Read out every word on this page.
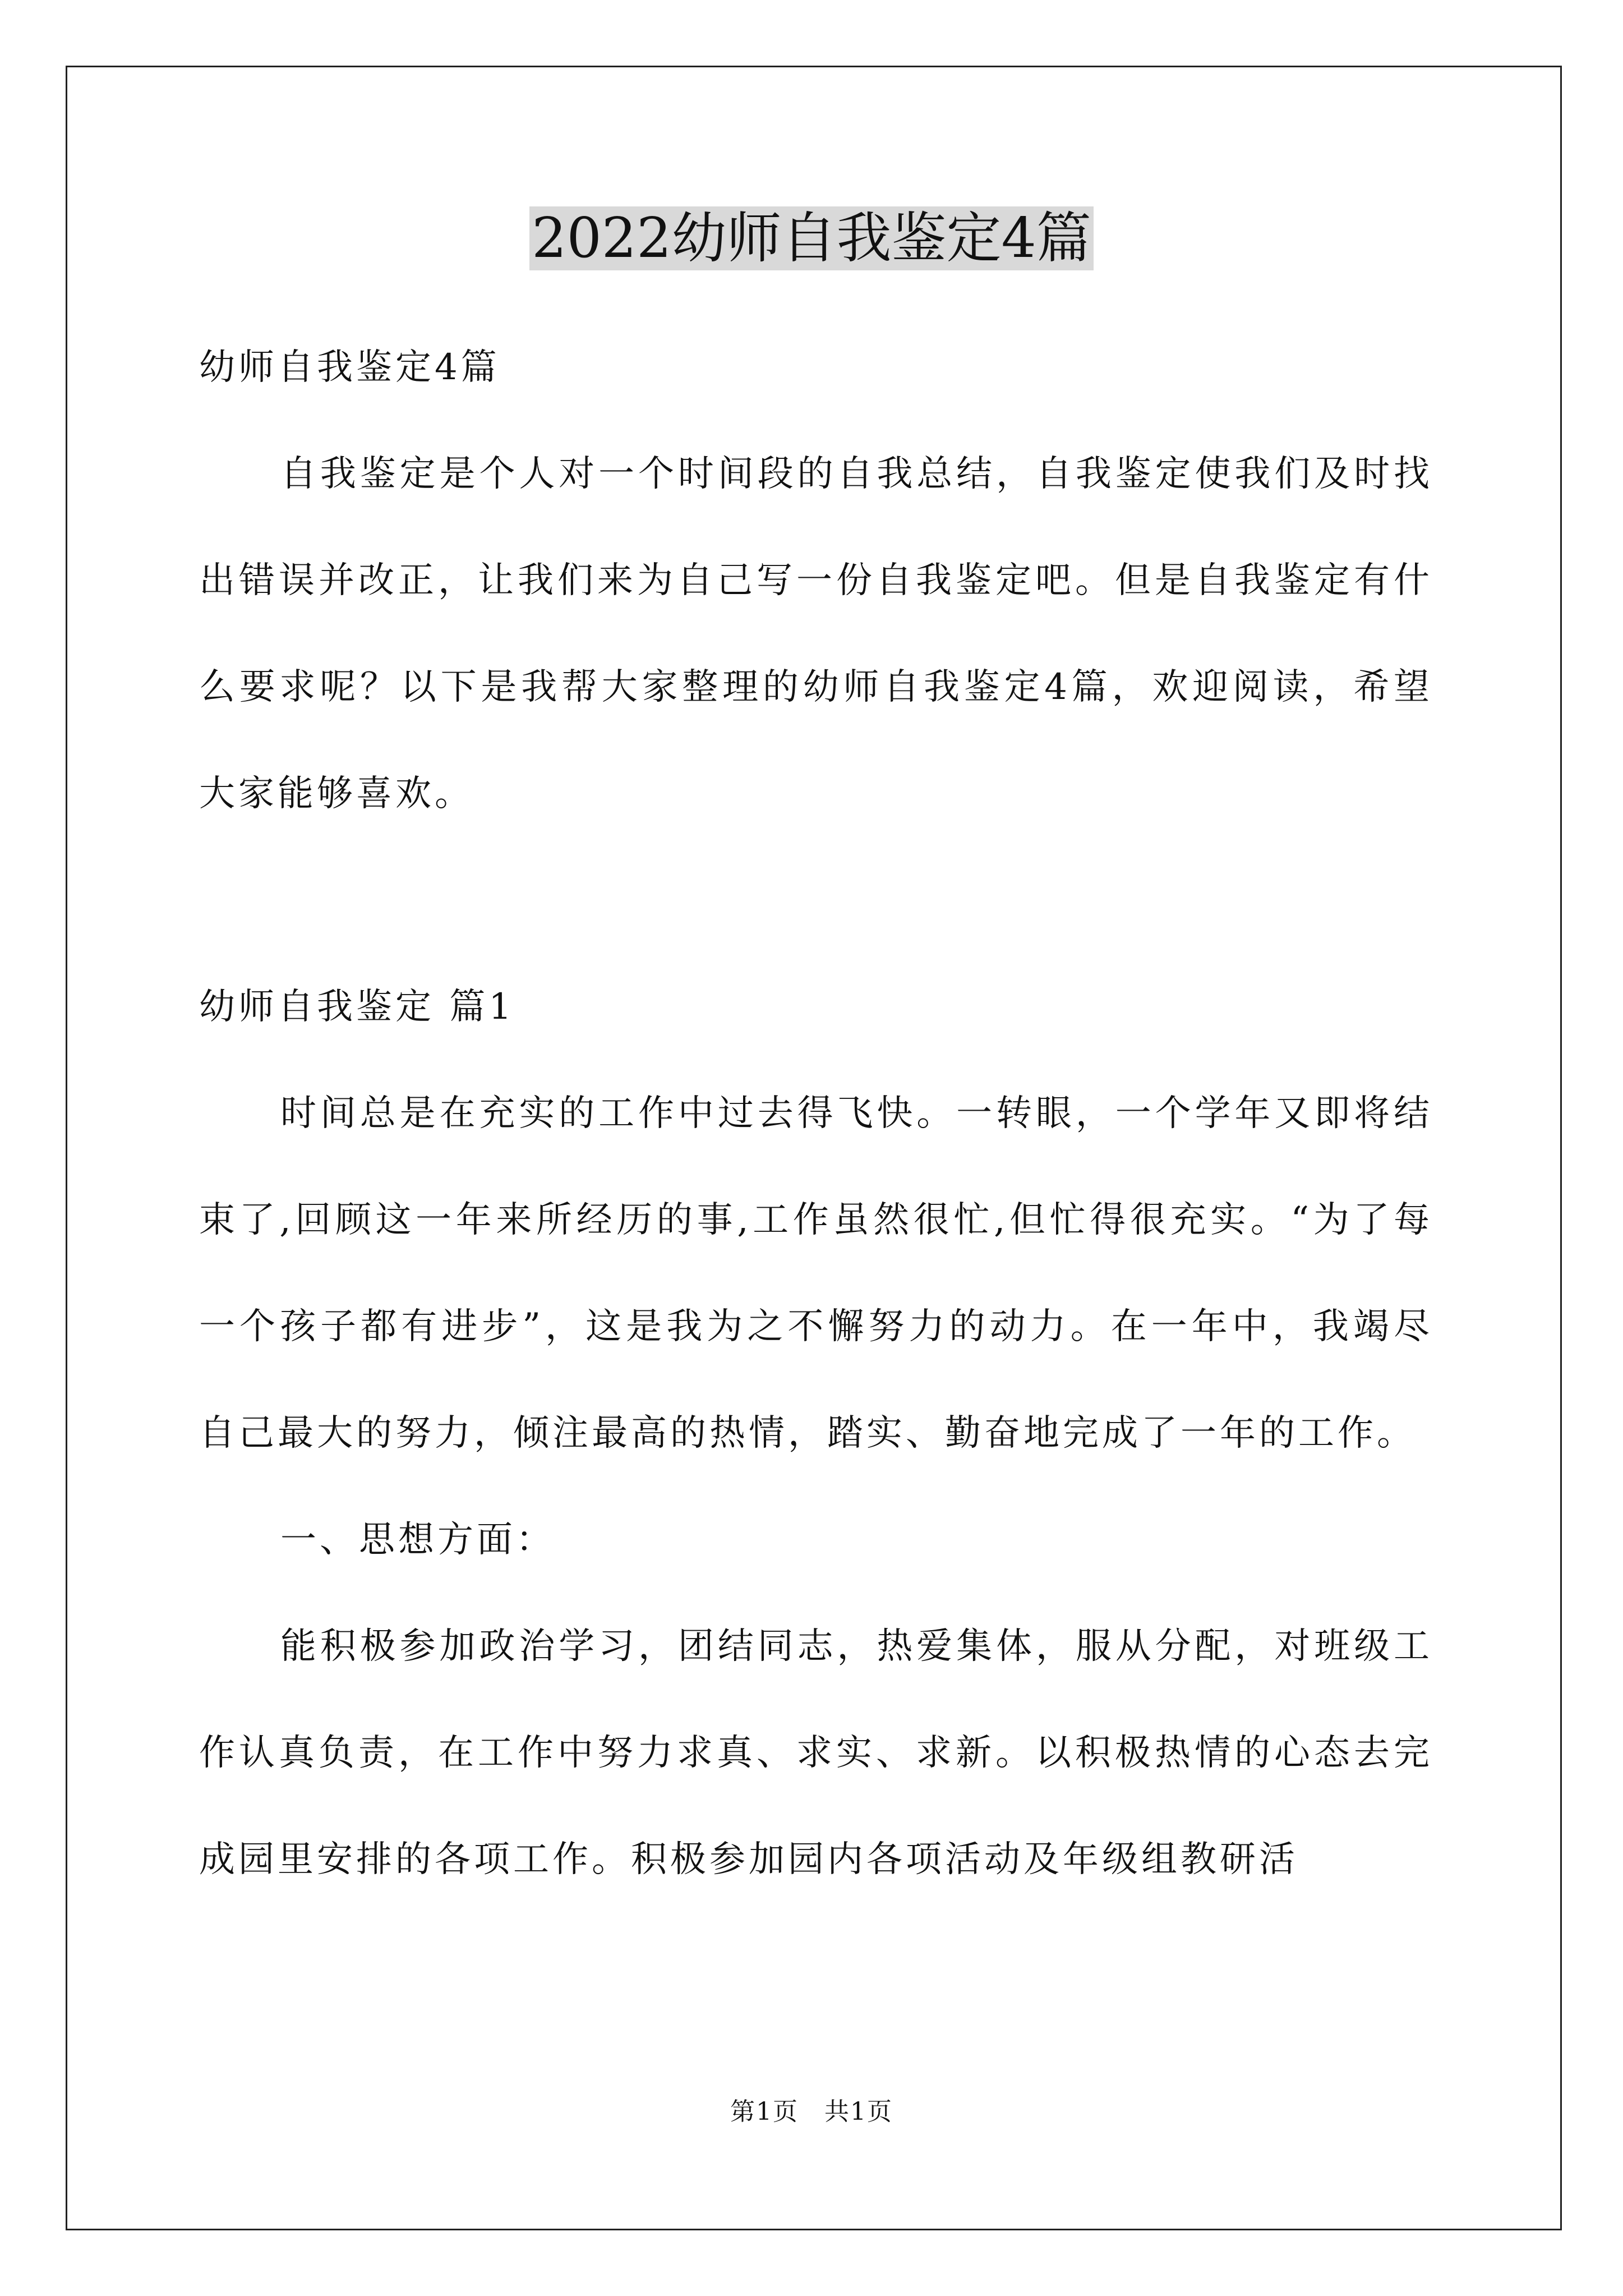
2022幼师自我鉴定4篇

幼师自我鉴定4篇

自我鉴定是个人对一个时间段的自我总结，自我鉴定使我们及时找出错误并改正，让我们来为自己写一份自我鉴定吧。但是自我鉴定有什么要求呢？以下是我帮大家整理的幼师自我鉴定4篇，欢迎阅读，希望大家能够喜欢。

幼师自我鉴定 篇1

时间总是在充实的工作中过去得飞快。一转眼，一个学年又即将结束了,回顾这一年来所经历的事,工作虽然很忙,但忙得很充实。“为了每一个孩子都有进步”，这是我为之不懈努力的动力。在一年中，我竭尽自己最大的努力，倾注最高的热情，踏实、勤奋地完成了一年的工作。

一、思想方面：

能积极参加政治学习，团结同志，热爱集体，服从分配，对班级工作认真负责，在工作中努力求真、求实、求新。以积极热情的心态去完成园里安排的各项工作。积极参加园内各项活动及年级组教研活

第1页　共1页
